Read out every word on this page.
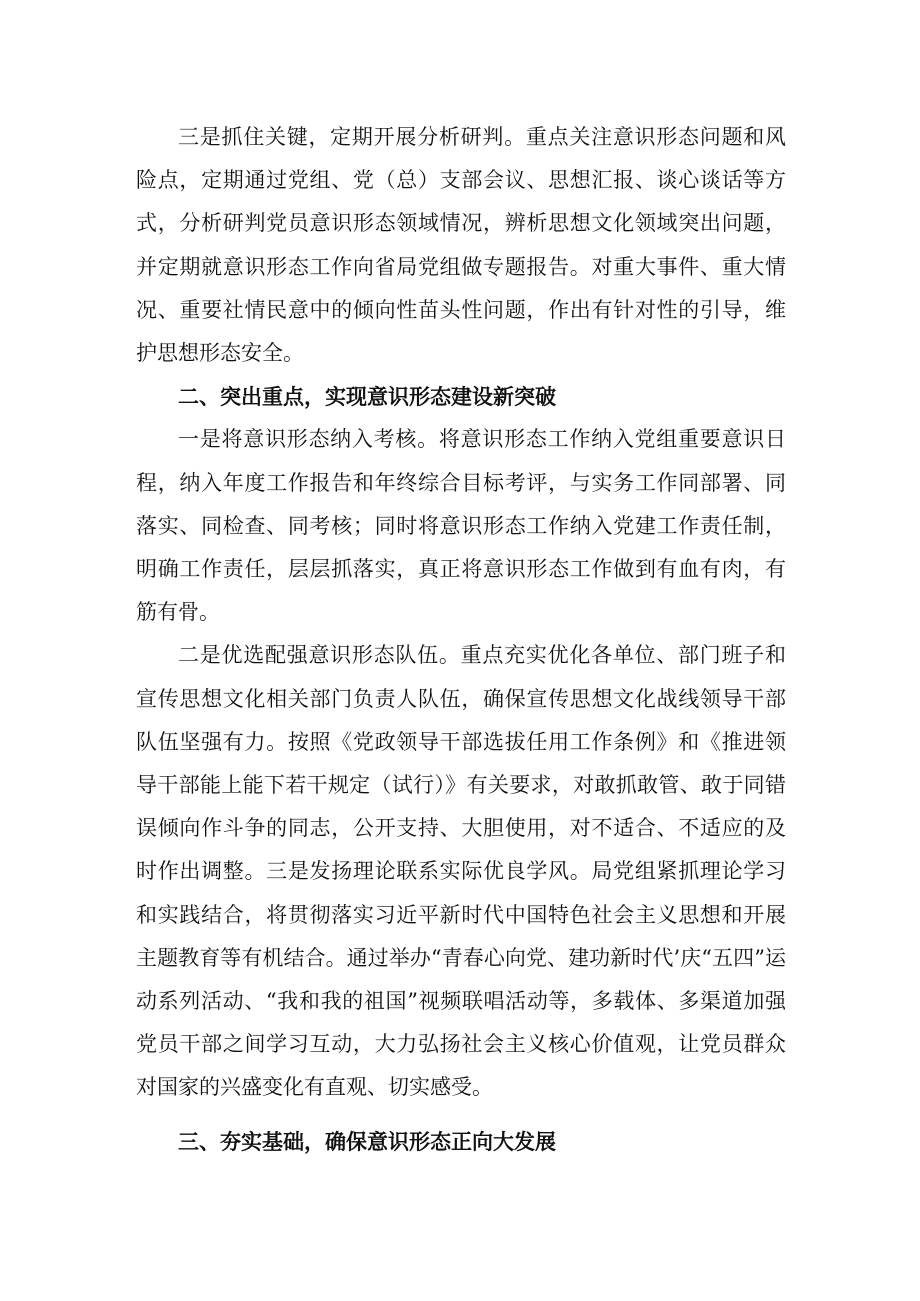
三是抓住关键，定期开展分析研判。重点关注意识形态问题和风险点，定期通过党组、党（总）支部会议、思想汇报、谈心谈话等方式，分析研判党员意识形态领域情况，辨析思想文化领域突出问题，并定期就意识形态工作向省局党组做专题报告。对重大事件、重大情况、重要社情民意中的倾向性苗头性问题，作出有针对性的引导，维护思想形态安全。

二、突出重点，实现意识形态建设新突破

一是将意识形态纳入考核。将意识形态工作纳入党组重要意识日程，纳入年度工作报告和年终综合目标考评，与实务工作同部署、同落实、同检查、同考核；同时将意识形态工作纳入党建工作责任制，明确工作责任，层层抓落实，真正将意识形态工作做到有血有肉，有筋有骨。

二是优选配强意识形态队伍。重点充实优化各单位、部门班子和宣传思想文化相关部门负责人队伍，确保宣传思想文化战线领导干部队伍坚强有力。按照《党政领导干部选拔任用工作条例》和《推进领导干部能上能下若干规定（试行）》有关要求，对敢抓敢管、敢于同错误倾向作斗争的同志，公开支持、大胆使用，对不适合、不适应的及时作出调整。三是发扬理论联系实际优良学风。局党组紧抓理论学习和实践结合，将贯彻落实习近平新时代中国特色社会主义思想和开展主题教育等有机结合。通过举办“青春心向党、建功新时代’庆“五四”运动系列活动、“我和我的祖国”视频联唱活动等，多载体、多渠道加强党员干部之间学习互动，大力弘扬社会主义核心价值观，让党员群众对国家的兴盛变化有直观、切实感受。

三、夯实基础，确保意识形态正向大发展
